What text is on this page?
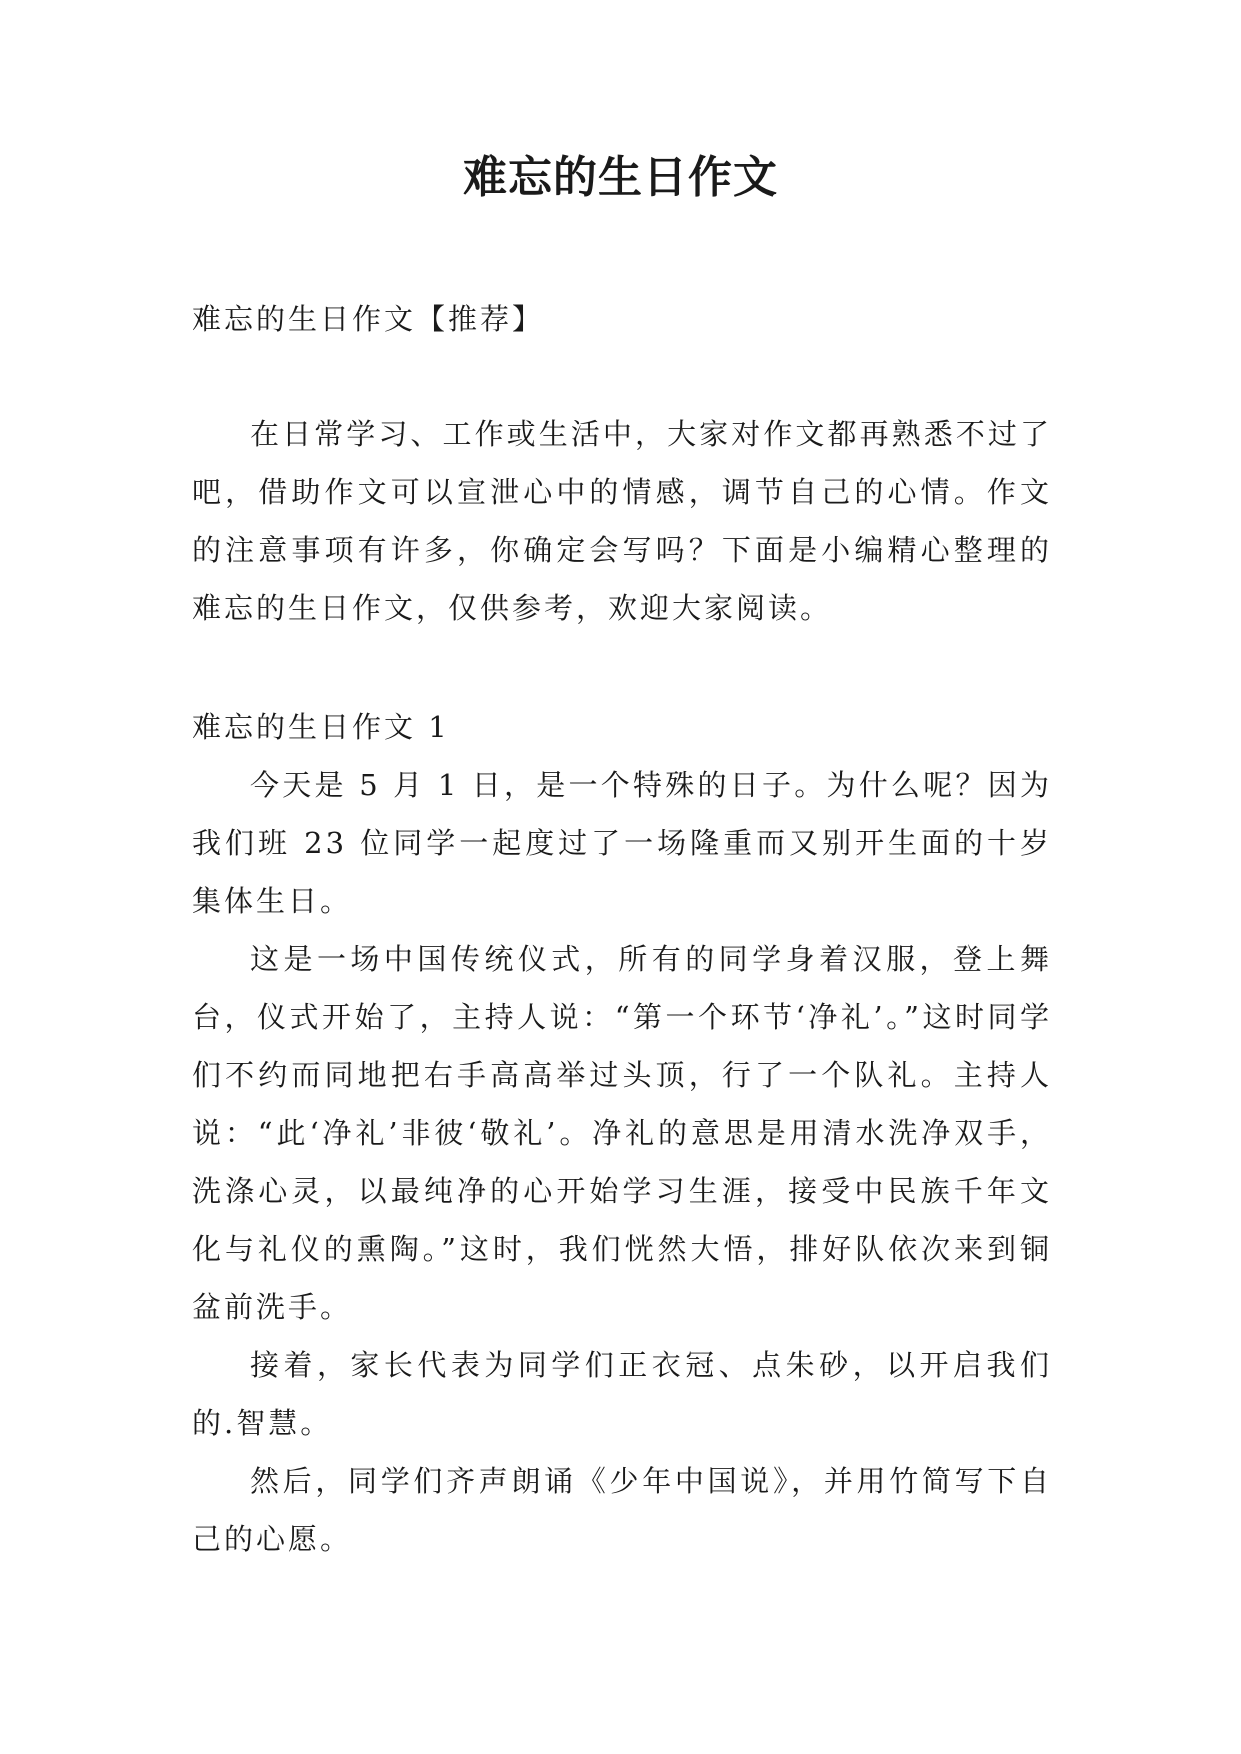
难忘的生日作文
难忘的生日作文【推荐】

在日常学习、工作或生活中，大家对作文都再熟悉不过了吧，借助作文可以宣泄心中的情感，调节自己的心情。作文的注意事项有许多，你确定会写吗？下面是小编精心整理的难忘的生日作文，仅供参考，欢迎大家阅读。

难忘的生日作文 1

今天是 5 月 1 日，是一个特殊的日子。为什么呢？因为我们班 23 位同学一起度过了一场隆重而又别开生面的十岁集体生日。

这是一场中国传统仪式，所有的同学身着汉服，登上舞台，仪式开始了，主持人说：“第一个环节‘净礼’。”这时同学们不约而同地把右手高高举过头顶，行了一个队礼。主持人说：“此‘净礼’非彼‘敬礼’。净礼的意思是用清水洗净双手，洗涤心灵，以最纯净的心开始学习生涯，接受中民族千年文化与礼仪的熏陶。”这时，我们恍然大悟，排好队依次来到铜盆前洗手。

接着，家长代表为同学们正衣冠、点朱砂，以开启我们的.智慧。

然后，同学们齐声朗诵《少年中国说》，并用竹简写下自己的心愿。
